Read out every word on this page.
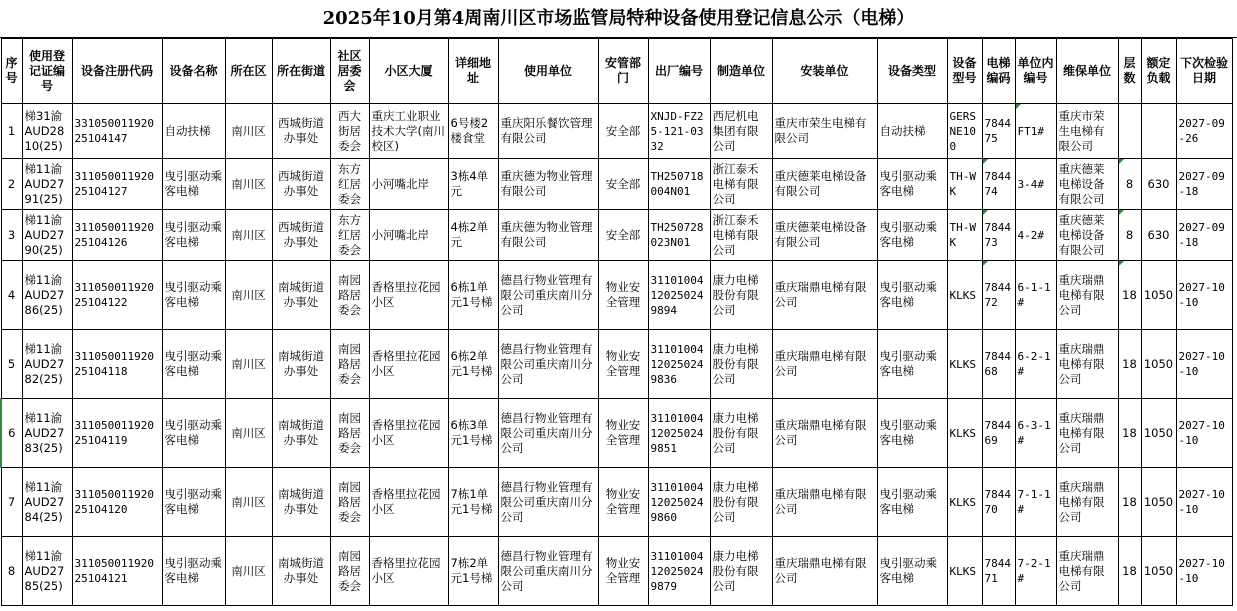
2025年10月第4周南川区市场监管局特种设备使用登记信息公示（电梯）
序号	使用登记证编号	设备注册代码	设备名称	所在区	所在街道	社区居委会	小区大厦	详细地址	使用单位	安管部门	出厂编号	制造单位	安装单位	设备类型	设备型号	电梯编码	单位内编号	维保单位	层数	额定负载	下次检验日期
1	梯31渝AUD2810(25)	331050011920251O4147	自动扶梯	南川区	西城街道办事处	西大街居委会	重庆工业职业技术大学(南川校区)	6号楼2楼食堂	重庆阳乐餐饮管理有限公司	安全部	XNJD-FZ25-121-0332	西尼机电集团有限公司	重庆市荣生电梯有限公司	自动扶梯	GERSNE100	784475	FT1#	重庆市荣生电梯有限公司			2027-09-26
2	梯11渝AUD2791(25)	311050011920251O4127	曳引驱动乘客电梯	南川区	西城街道办事处	东方红居委会	小河嘴北岸	3栋4单元	重庆德为物业管理有限公司	安全部	TH250718004N01	浙江泰禾电梯有限公司	重庆德莱电梯设备有限公司	曳引驱动乘客电梯	TH-WK	784474	3-4#	重庆德莱电梯设备有限公司	8	630	2027-09-18
3	梯11渝AUD2790(25)	311050011920251O4126	曳引驱动乘客电梯	南川区	西城街道办事处	东方红居委会	小河嘴北岸	4栋2单元	重庆德为物业管理有限公司	安全部	TH250728023N01	浙江泰禾电梯有限公司	重庆德莱电梯设备有限公司	曳引驱动乘客电梯	TH-WK	784473	4-2#	重庆德莱电梯设备有限公司	8	630	2027-09-18
4	梯11渝AUD2786(25)	311050011920251O4122	曳引驱动乘客电梯	南川区	南城街道办事处	南园路居委会	香格里拉花园小区	6栋1单元1号梯	德昌行物业管理有限公司重庆南川分公司	物业安全管理	31101004120250249894	康力电梯股份有限公司	重庆瑞鼎电梯有限公司	曳引驱动乘客电梯	KLKS	784472	6-1-1#	重庆瑞鼎电梯有限公司	18	1050	2027-10-10
5	梯11渝AUD2782(25)	311050011920251O4118	曳引驱动乘客电梯	南川区	南城街道办事处	南园路居委会	香格里拉花园小区	6栋2单元1号梯	德昌行物业管理有限公司重庆南川分公司	物业安全管理	31101004120250249836	康力电梯股份有限公司	重庆瑞鼎电梯有限公司	曳引驱动乘客电梯	KLKS	784468	6-2-1#	重庆瑞鼎电梯有限公司	18	1050	2027-10-10
6	梯11渝AUD2783(25)	311050011920251O4119	曳引驱动乘客电梯	南川区	南城街道办事处	南园路居委会	香格里拉花园小区	6栋3单元1号梯	德昌行物业管理有限公司重庆南川分公司	物业安全管理	31101004120250249851	康力电梯股份有限公司	重庆瑞鼎电梯有限公司	曳引驱动乘客电梯	KLKS	784469	6-3-1#	重庆瑞鼎电梯有限公司	18	1050	2027-10-10
7	梯11渝AUD2784(25)	311050011920251O4120	曳引驱动乘客电梯	南川区	南城街道办事处	南园路居委会	香格里拉花园小区	7栋1单元1号梯	德昌行物业管理有限公司重庆南川分公司	物业安全管理	31101004120250249860	康力电梯股份有限公司	重庆瑞鼎电梯有限公司	曳引驱动乘客电梯	KLKS	784470	7-1-1#	重庆瑞鼎电梯有限公司	18	1050	2027-10-10
8	梯11渝AUD2785(25)	311050011920251O4121	曳引驱动乘客电梯	南川区	南城街道办事处	南园路居委会	香格里拉花园小区	7栋2单元1号梯	德昌行物业管理有限公司重庆南川分公司	物业安全管理	31101004120250249879	康力电梯股份有限公司	重庆瑞鼎电梯有限公司	曳引驱动乘客电梯	KLKS	784471	7-2-1#	重庆瑞鼎电梯有限公司	18	1050	2027-10-10
